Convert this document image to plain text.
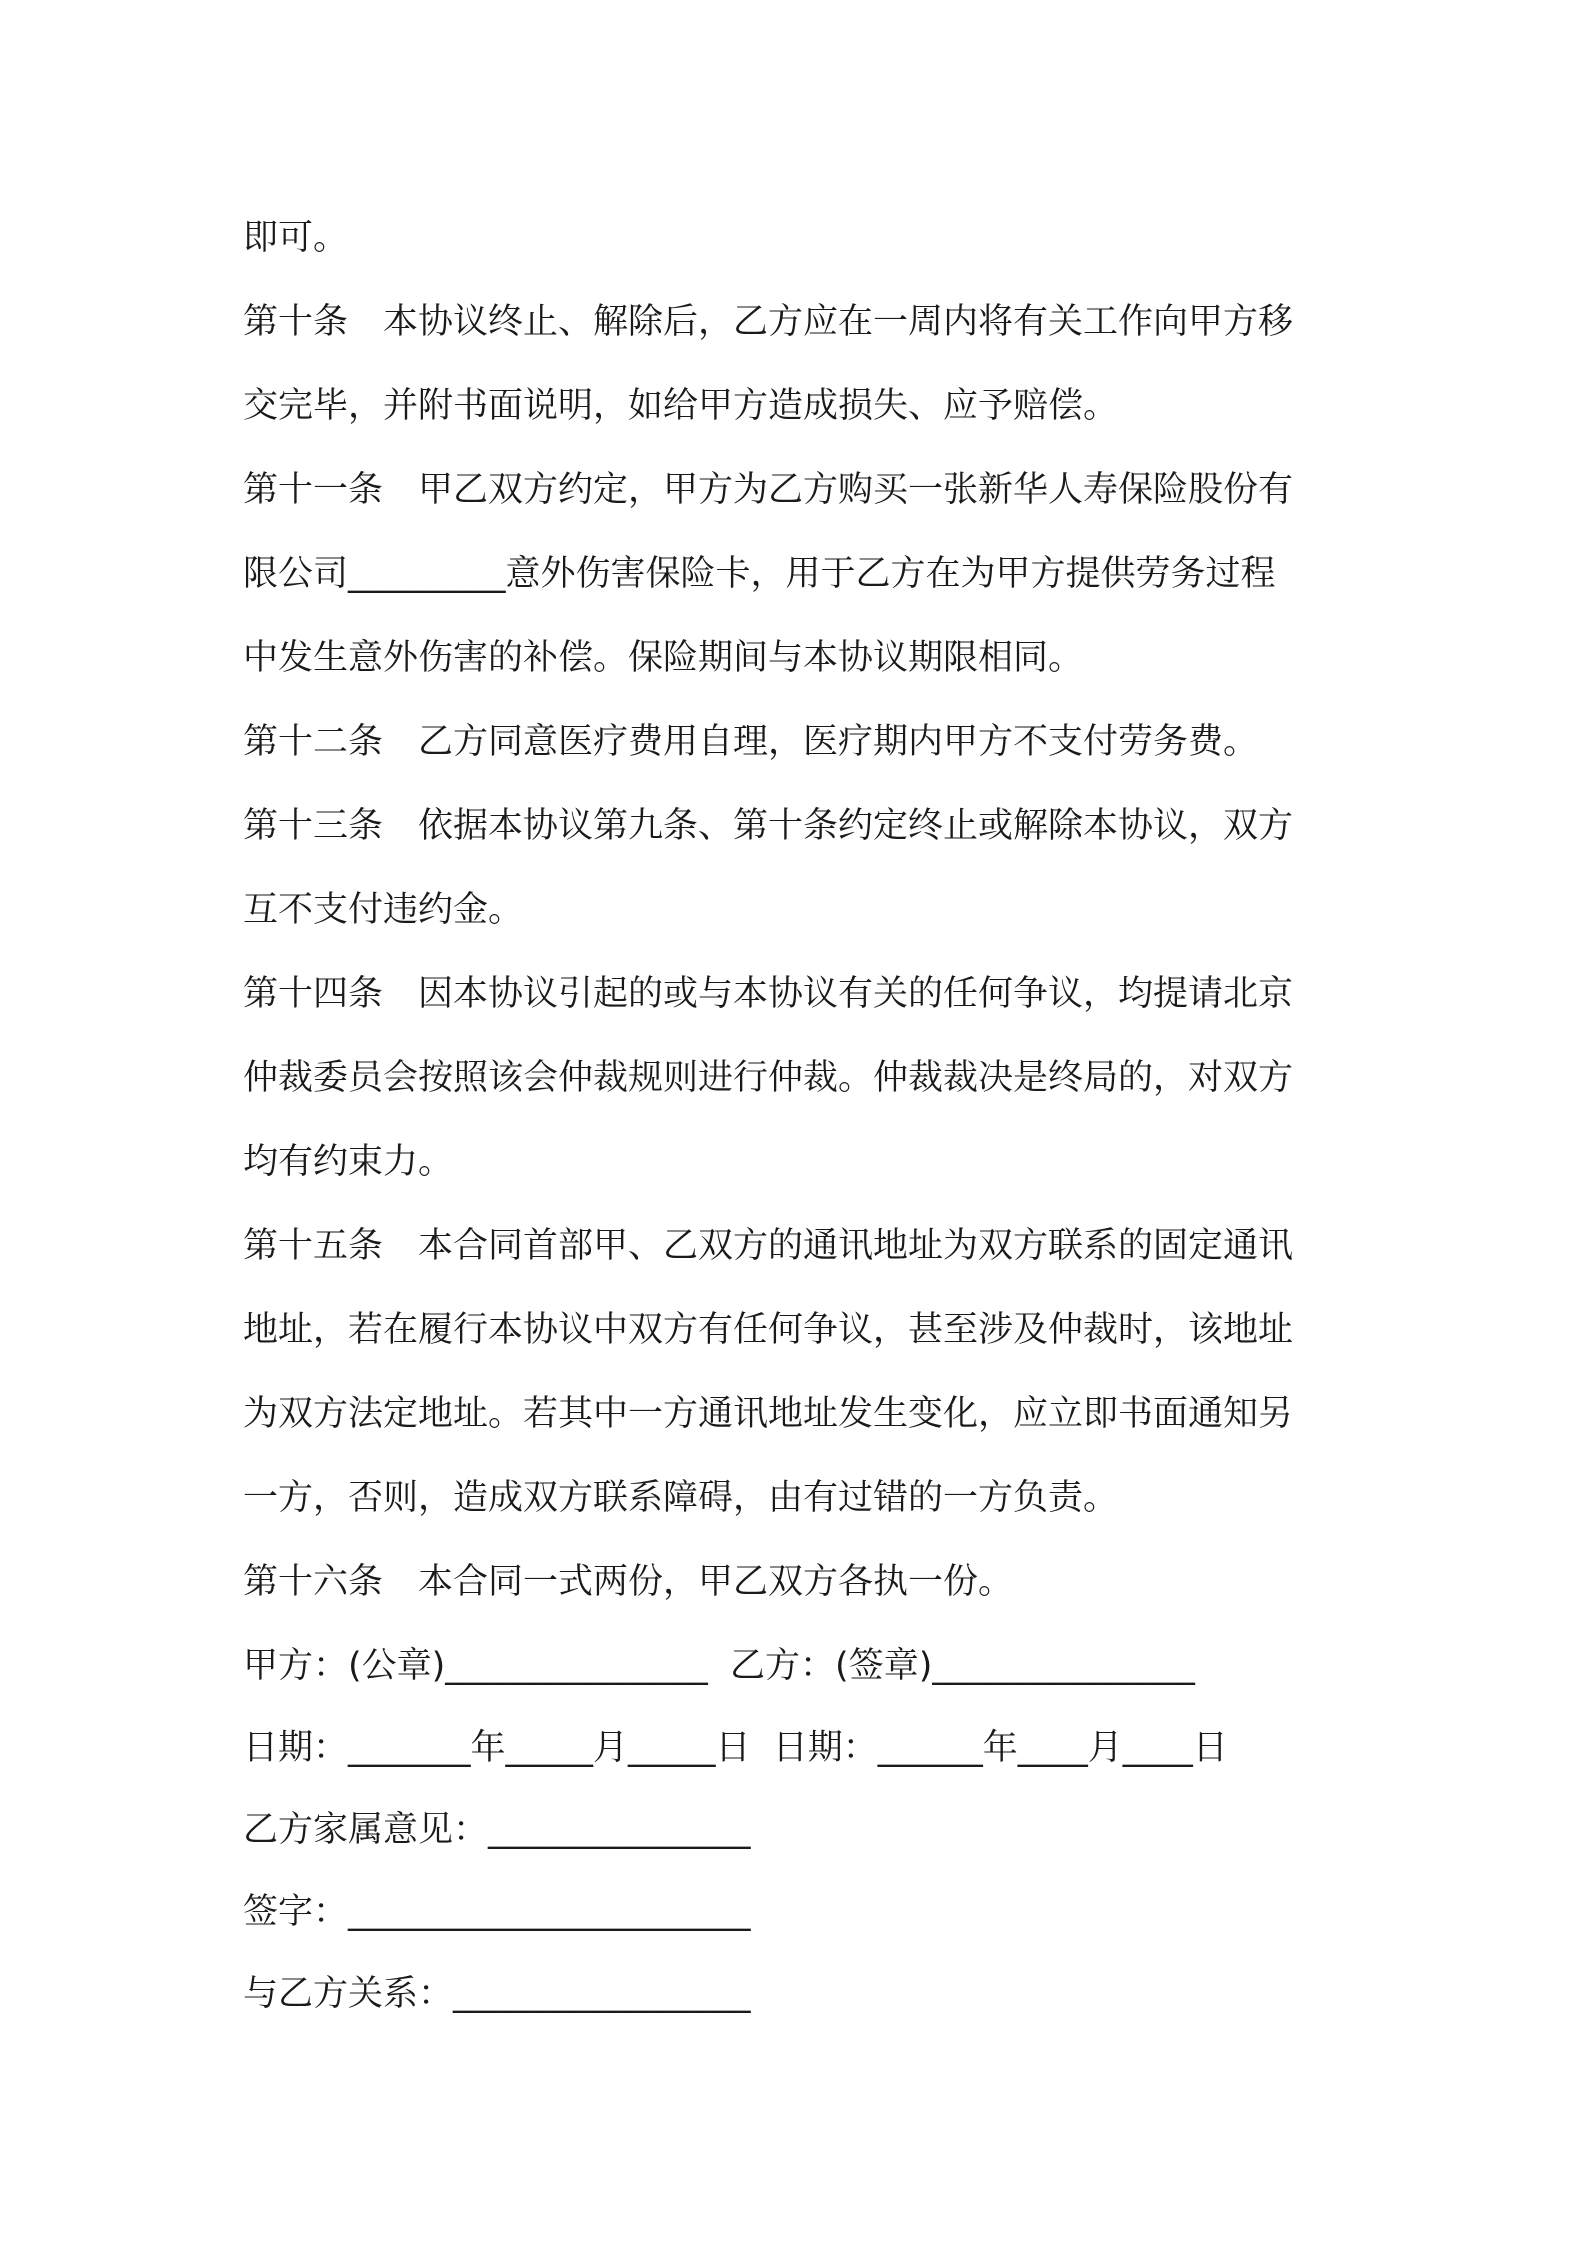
即可。

第十条　本协议终止、解除后，乙方应在一周内将有关工作向甲方移
交完毕，并附书面说明，如给甲方造成损失、应予赔偿。

第十一条　甲乙双方约定，甲方为乙方购买一张新华人寿保险股份有
限公司_________意外伤害保险卡，用于乙方在为甲方提供劳务过程
中发生意外伤害的补偿。保险期间与本协议期限相同。

第十二条　乙方同意医疗费用自理，医疗期内甲方不支付劳务费。

第十三条　依据本协议第九条、第十条约定终止或解除本协议，双方
互不支付违约金。

第十四条　因本协议引起的或与本协议有关的任何争议，均提请北京
仲裁委员会按照该会仲裁规则进行仲裁。仲裁裁决是终局的，对双方
均有约束力。

第十五条　本合同首部甲、乙双方的通讯地址为双方联系的固定通讯
地址，若在履行本协议中双方有任何争议，甚至涉及仲裁时，该地址
为双方法定地址。若其中一方通讯地址发生变化，应立即书面通知另
一方，否则，造成双方联系障碍，由有过错的一方负责。

第十六条　本合同一式两份，甲乙双方各执一份。

甲方：(公章)_______________  乙方：(签章)_______________

日期：_______年_____月_____日  日期：______年____月____日

乙方家属意见：_______________

签字：_______________________

与乙方关系：_________________
